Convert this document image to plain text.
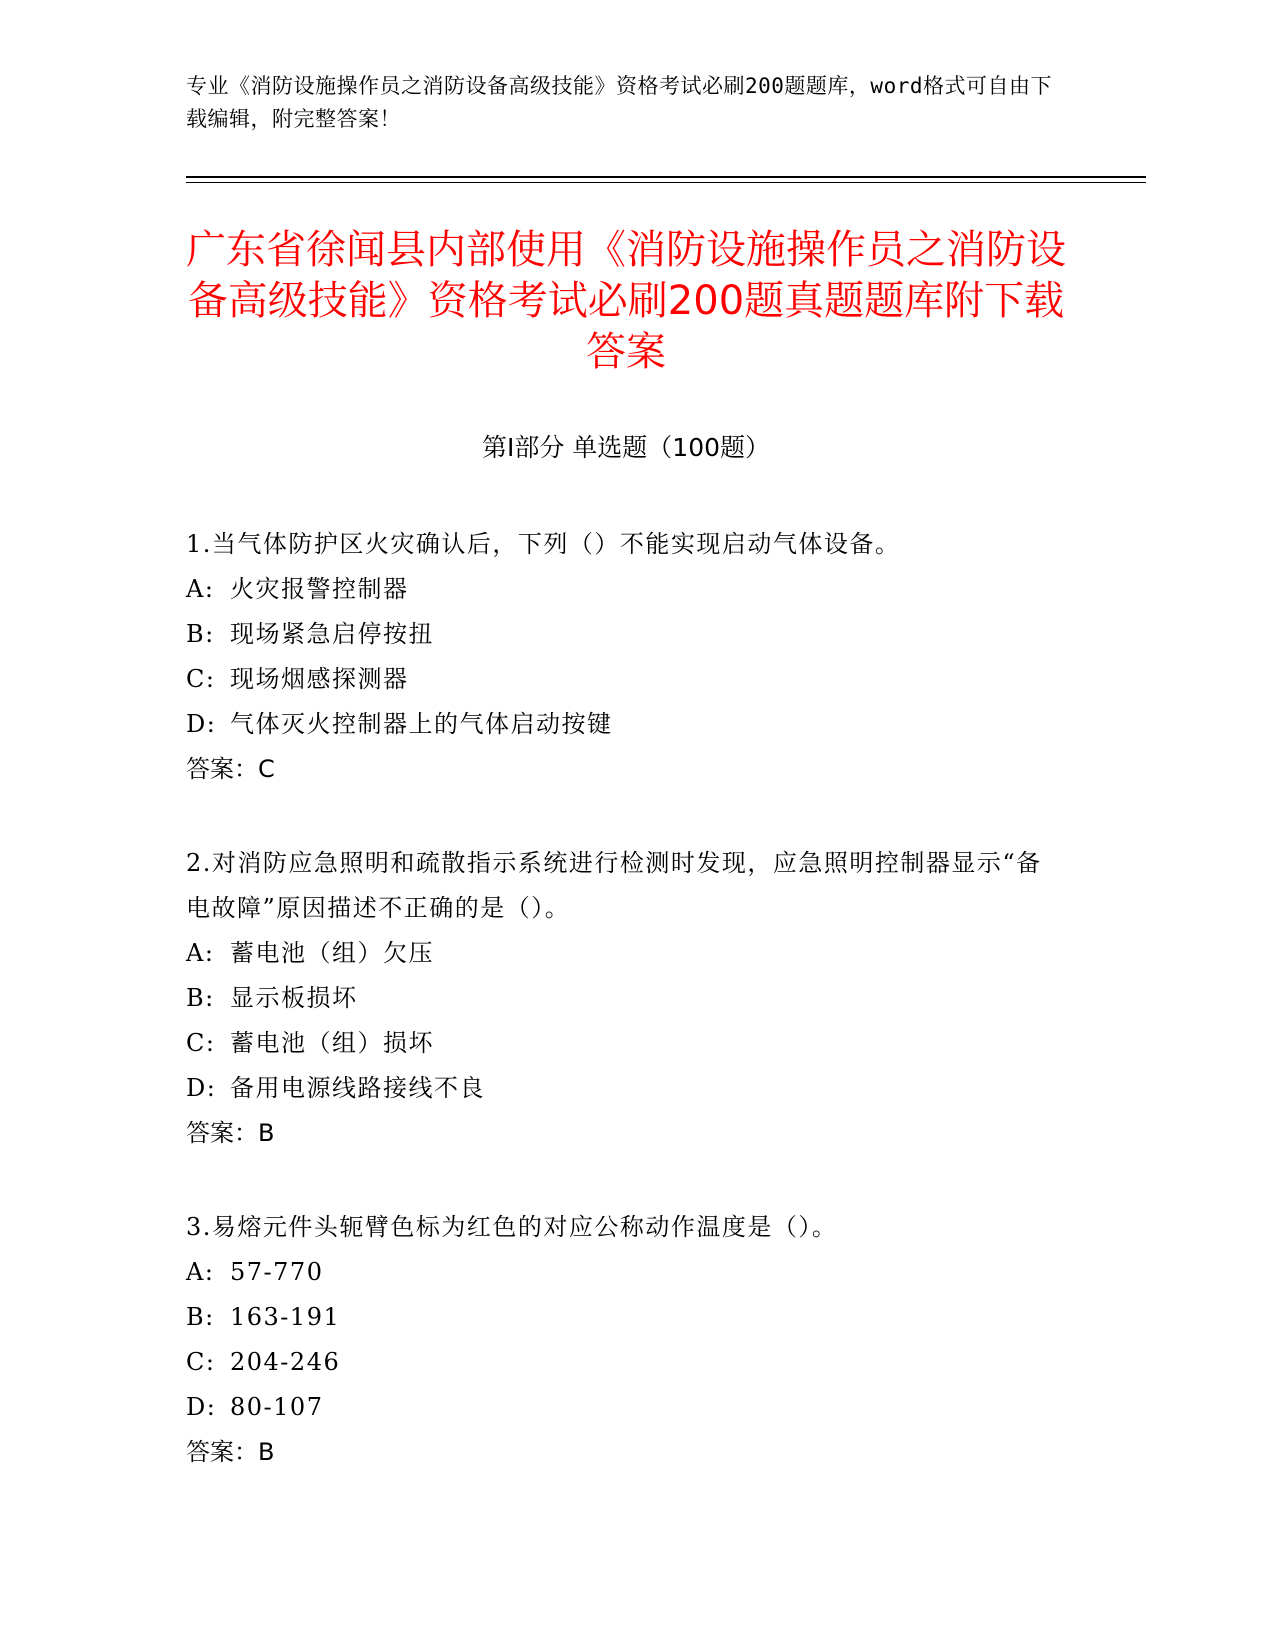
专业《消防设施操作员之消防设备高级技能》资格考试必刷200题题库，word格式可自由下载编辑，附完整答案！
广东省徐闻县内部使用《消防设施操作员之消防设备高级技能》资格考试必刷200题真题题库附下载答案
第I部分 单选题（100题）
1.当气体防护区火灾确认后，下列（）不能实现启动气体设备。
A: 火灾报警控制器
B: 现场紧急启停按扭
C: 现场烟感探测器
D: 气体灭火控制器上的气体启动按键
答案：C
2.对消防应急照明和疏散指示系统进行检测时发现，应急照明控制器显示“备电故障”原因描述不正确的是（）。
A: 蓄电池（组）欠压
B: 显示板损坏
C: 蓄电池（组）损坏
D: 备用电源线路接线不良
答案：B
3.易熔元件头轭臂色标为红色的对应公称动作温度是（）。
A: 57-770
B: 163-191
C: 204-246
D: 80-107
答案：B
